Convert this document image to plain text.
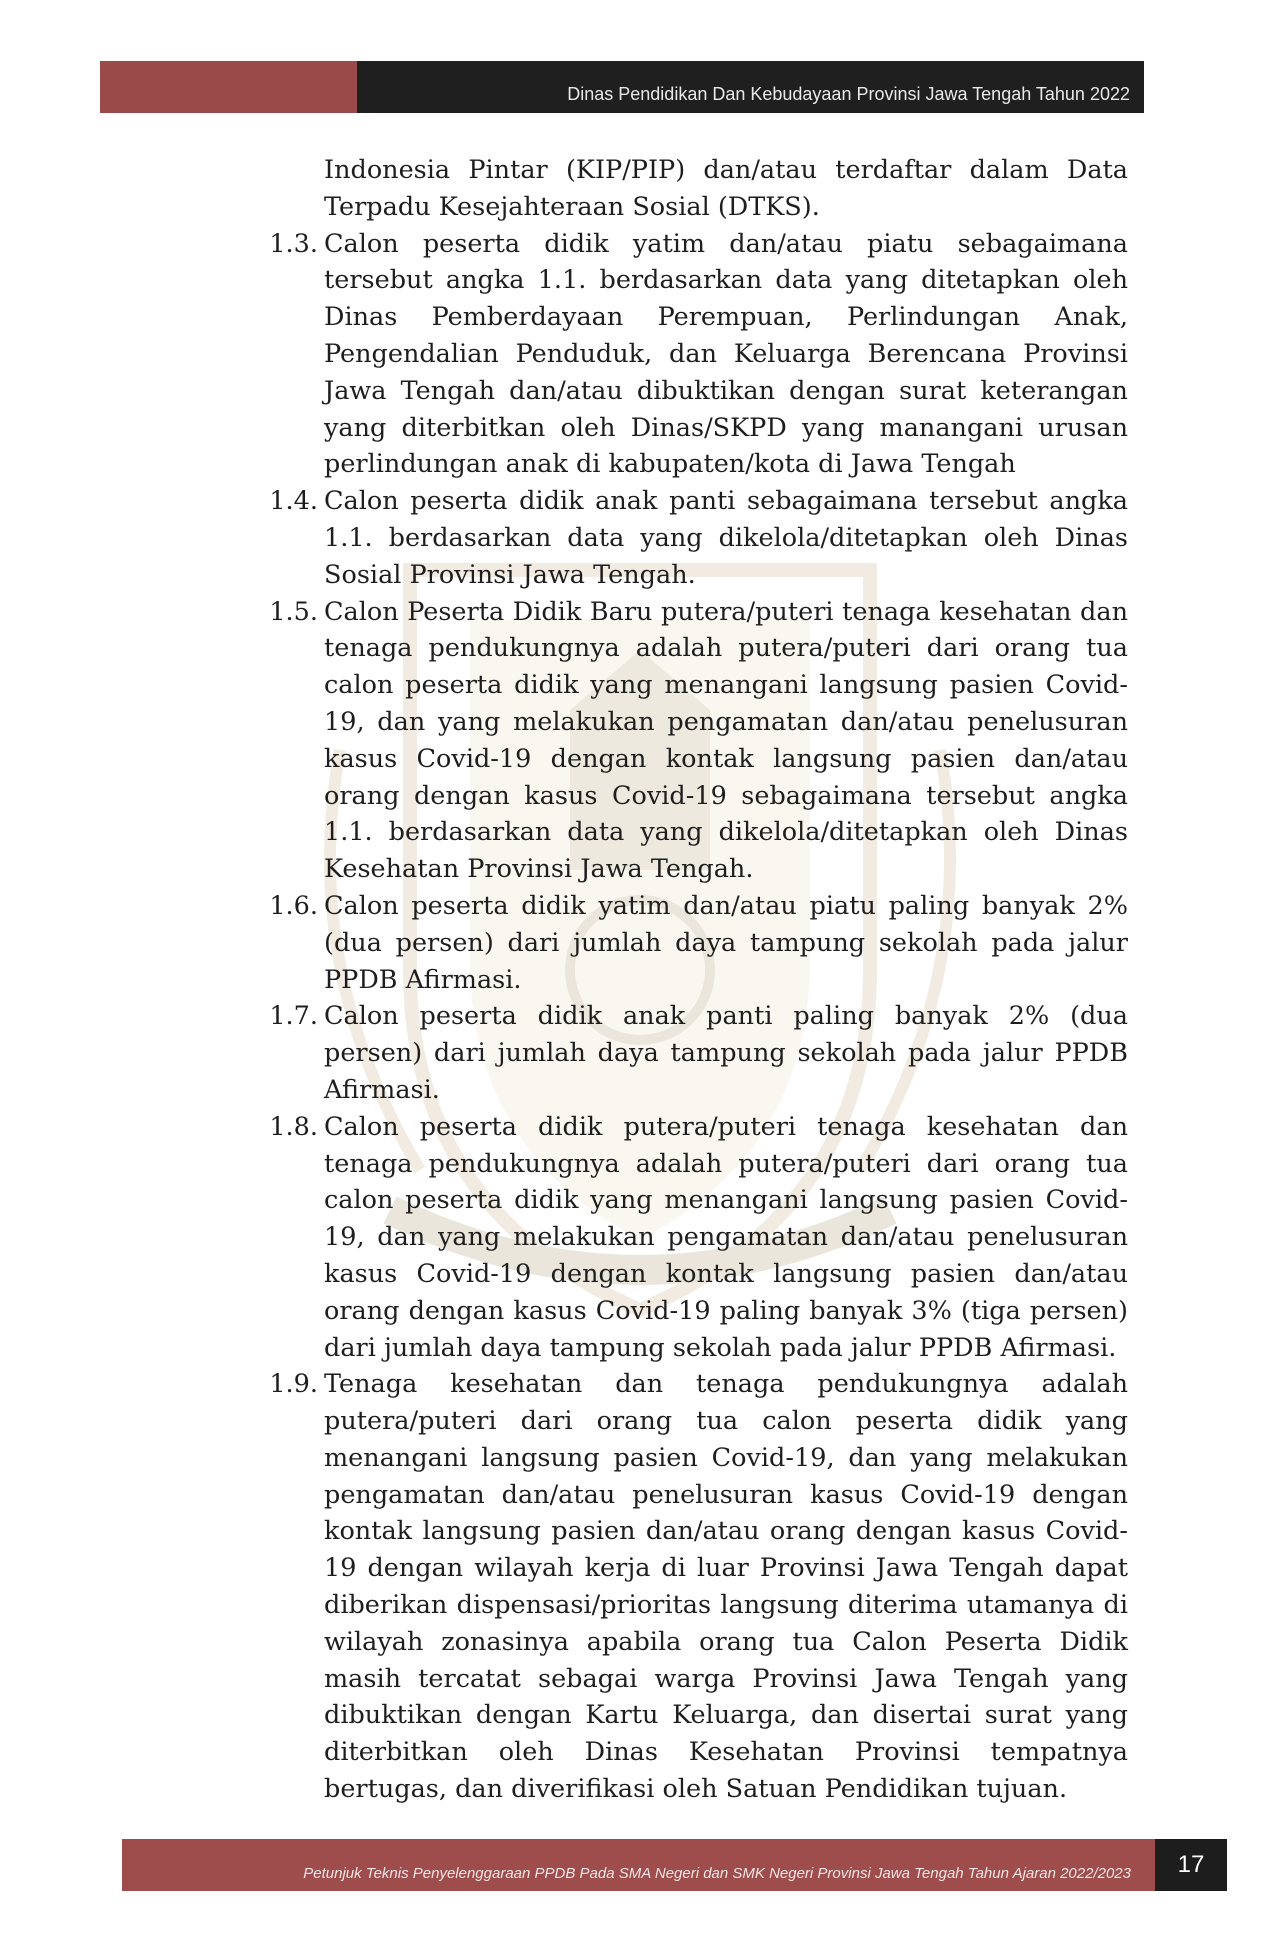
Dinas Pendidikan Dan Kebudayaan Provinsi Jawa Tengah Tahun 2022

Indonesia Pintar (KIP/PIP) dan/atau terdaftar dalam Data Terpadu Kesejahteraan Sosial (DTKS).

1.3. Calon peserta didik yatim dan/atau piatu sebagaimana tersebut angka 1.1. berdasarkan data yang ditetapkan oleh Dinas Pemberdayaan Perempuan, Perlindungan Anak, Pengendalian Penduduk, dan Keluarga Berencana Provinsi Jawa Tengah dan/atau dibuktikan dengan surat keterangan yang diterbitkan oleh Dinas/SKPD yang manangani urusan perlindungan anak di kabupaten/kota di Jawa Tengah

1.4. Calon peserta didik anak panti sebagaimana tersebut angka 1.1. berdasarkan data yang dikelola/ditetapkan oleh Dinas Sosial Provinsi Jawa Tengah.

1.5. Calon Peserta Didik Baru putera/puteri tenaga kesehatan dan tenaga pendukungnya adalah putera/puteri dari orang tua calon peserta didik yang menangani langsung pasien Covid-19, dan yang melakukan pengamatan dan/atau penelusuran kasus Covid-19 dengan kontak langsung pasien dan/atau orang dengan kasus Covid-19 sebagaimana tersebut angka 1.1. berdasarkan data yang dikelola/ditetapkan oleh Dinas Kesehatan Provinsi Jawa Tengah.

1.6. Calon peserta didik yatim dan/atau piatu paling banyak 2% (dua persen) dari jumlah daya tampung sekolah pada jalur PPDB Afirmasi.

1.7. Calon peserta didik anak panti paling banyak 2% (dua persen) dari jumlah daya tampung sekolah pada jalur PPDB Afirmasi.

1.8. Calon peserta didik putera/puteri tenaga kesehatan dan tenaga pendukungnya adalah putera/puteri dari orang tua calon peserta didik yang menangani langsung pasien Covid-19, dan yang melakukan pengamatan dan/atau penelusuran kasus Covid-19 dengan kontak langsung pasien dan/atau orang dengan kasus Covid-19 paling banyak 3% (tiga persen) dari jumlah daya tampung sekolah pada jalur PPDB Afirmasi.

1.9. Tenaga kesehatan dan tenaga pendukungnya adalah putera/puteri dari orang tua calon peserta didik yang menangani langsung pasien Covid-19, dan yang melakukan pengamatan dan/atau penelusuran kasus Covid-19 dengan kontak langsung pasien dan/atau orang dengan kasus Covid-19 dengan wilayah kerja di luar Provinsi Jawa Tengah dapat diberikan dispensasi/prioritas langsung diterima utamanya di wilayah zonasinya apabila orang tua Calon Peserta Didik masih tercatat sebagai warga Provinsi Jawa Tengah yang dibuktikan dengan Kartu Keluarga, dan disertai surat yang diterbitkan oleh Dinas Kesehatan Provinsi tempatnya bertugas, dan diverifikasi oleh Satuan Pendidikan tujuan.

Petunjuk Teknis Penyelenggaraan PPDB Pada SMA Negeri dan SMK Negeri Provinsi Jawa Tengah Tahun Ajaran 2022/2023	17
